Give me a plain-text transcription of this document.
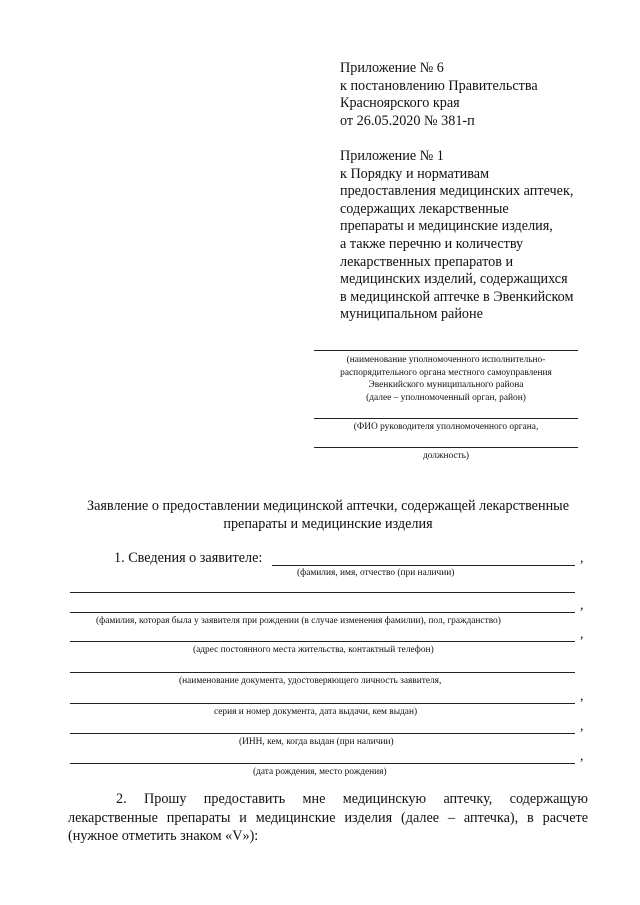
Приложение № 6
к постановлению Правительства
Красноярского края
от 26.05.2020 № 381-п
Приложение № 1
к Порядку и нормативам
предоставления медицинских аптечек,
содержащих лекарственные
препараты и медицинские изделия,
а также перечню и количеству
лекарственных препаратов и
медицинских изделий, содержащихся
в медицинской аптечке в Эвенкийском
муниципальном районе
(наименование уполномоченного исполнительно-
распорядительного органа местного самоуправления
Эвенкийского муниципального района
(далее – уполномоченный орган, район)
(ФИО руководителя уполномоченного органа,
должность)
Заявление о предоставлении медицинской аптечки, содержащей лекарственные
препараты и медицинские изделия
1. Сведения о заявителе:	,
(фамилия, имя, отчество (при наличии)
,
(фамилия, которая была у заявителя при рождении (в случае изменения фамилии), пол, гражданство)
,
(адрес постоянного места жительства, контактный телефон)
(наименование документа, удостоверяющего личность заявителя,
,
серия и номер документа, дата выдачи, кем выдан)
,
(ИНН, кем, когда выдан (при наличии)
,
(дата рождения, место рождения)
2. Прошу предоставить мне медицинскую аптечку, содержащую
лекарственные препараты и медицинские изделия (далее – аптечка), в расчете
(нужное отметить знаком «V»):
